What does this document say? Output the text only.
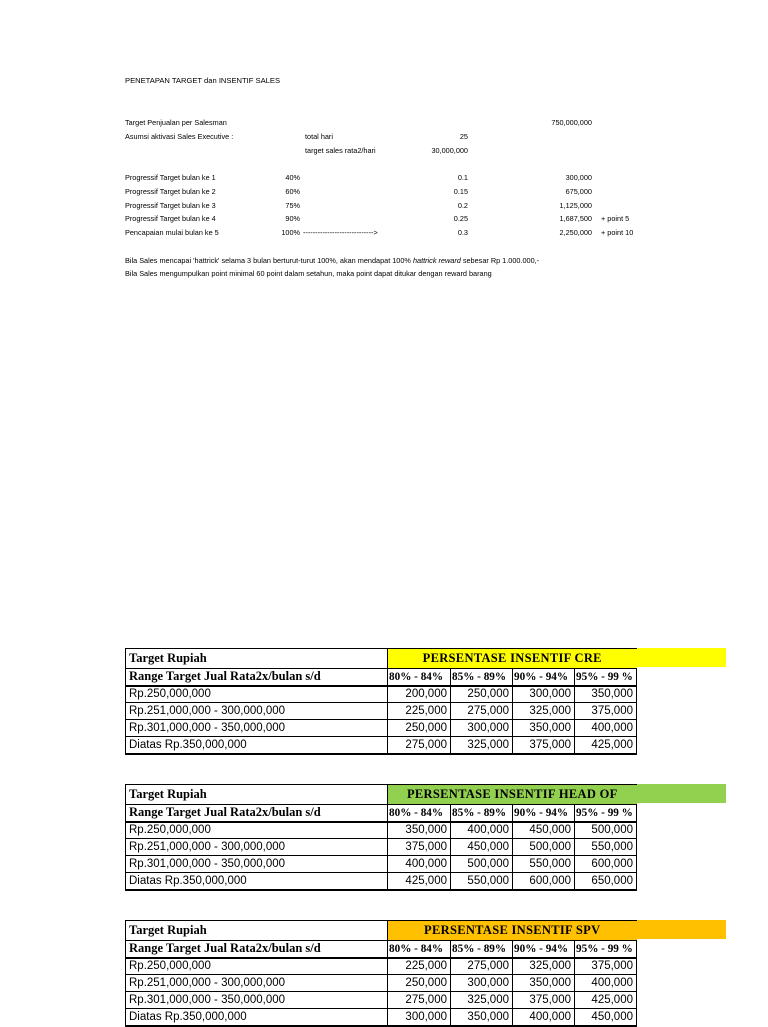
PENETAPAN TARGET dan INSENTIF SALES
Target Penjualan per Salesman	750,000,000
Asumsi aktivasi Sales Executive :	total hari	25
target sales rata2/hari	30,000,000
Progressif Target bulan ke 1	40%	0.1	300,000
Progressif Target bulan ke 2	60%	0.15	675,000
Progressif Target bulan ke 3	75%	0.2	1,125,000
Progressif Target bulan ke 4	90%	0.25	1,687,500 + point 5
Pencapaian mulai bulan ke 5	100% ----------------------------->	0.3	2,250,000 + point 10
Bila Sales mencapai 'hattrick' selama 3 bulan berturut-turut 100%, akan mendapat 100% hattrick reward sebesar Rp 1.000.000,-
Bila Sales mengumpulkan point minimal 60 point dalam setahun, maka point dapat ditukar dengan reward barang
Target Rupiah	PERSENTASE INSENTIF CRE			
Range Target Jual Rata2x/bulan s/d	80% - 84%	85% - 89%	90% - 94%	95% - 99 %
Rp.250,000,000	200,000	250,000	300,000	350,000
Rp.251,000,000 - 300,000,000	225,000	275,000	325,000	375,000
Rp.301,000,000 - 350,000,000	250,000	300,000	350,000	400,000
Diatas Rp.350,000,000	275,000	325,000	375,000	425,000
Target Rupiah	PERSENTASE INSENTIF HEAD OF			
Range Target Jual Rata2x/bulan s/d	80% - 84%	85% - 89%	90% - 94%	95% - 99 %
Rp.250,000,000	350,000	400,000	450,000	500,000
Rp.251,000,000 - 300,000,000	375,000	450,000	500,000	550,000
Rp.301,000,000 - 350,000,000	400,000	500,000	550,000	600,000
Diatas Rp.350,000,000	425,000	550,000	600,000	650,000
Target Rupiah	PERSENTASE INSENTIF SPV			
Range Target Jual Rata2x/bulan s/d	80% - 84%	85% - 89%	90% - 94%	95% - 99 %
Rp.250,000,000	225,000	275,000	325,000	375,000
Rp.251,000,000 - 300,000,000	250,000	300,000	350,000	400,000
Rp.301,000,000 - 350,000,000	275,000	325,000	375,000	425,000
Diatas Rp.350,000,000	300,000	350,000	400,000	450,000
